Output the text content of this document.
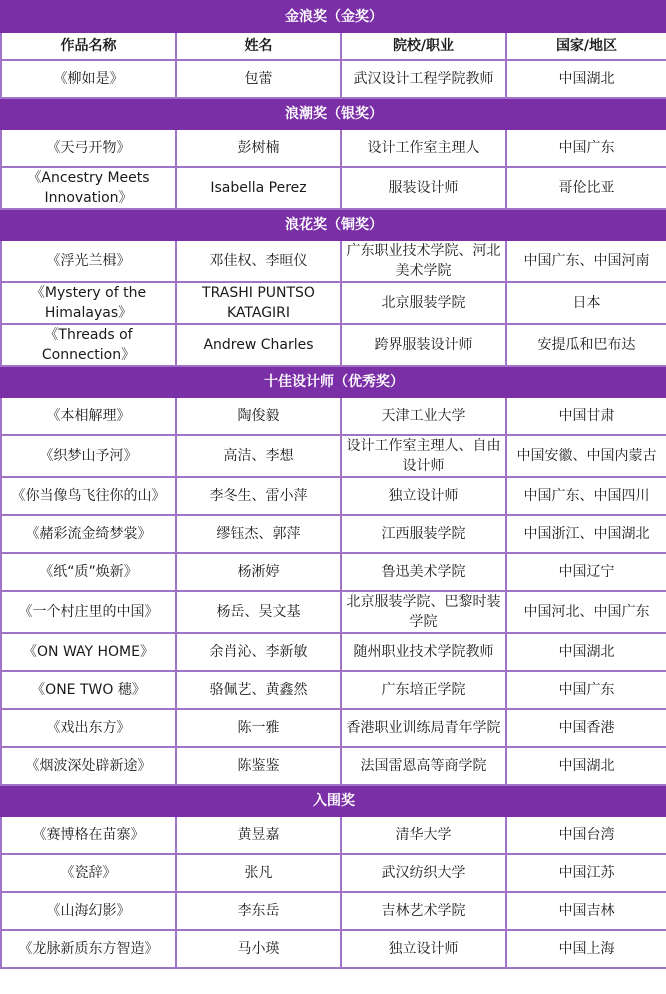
金浪奖（金奖）			
作品名称	姓名	院校/职业	国家/地区
《柳如是》	包蕾	武汉设计工程学院教师	中国湖北
浪潮奖（银奖）			
《天弓开物》	彭树楠	设计工作室主理人	中国广东
《Ancestry Meets Innovation》	Isabella Perez	服装设计师	哥伦比亚
浪花奖（铜奖）			
《浮光兰楫》	邓佳权、李晅仪	广东职业技术学院、河北美术学院	中国广东、中国河南
《Mystery of the Himalayas》	TRASHI PUNTSO KATAGIRI	北京服装学院	日本
《Threads of Connection》	Andrew Charles	跨界服装设计师	安提瓜和巴布达
十佳设计师（优秀奖）			
《本相解理》	陶俊毅	天津工业大学	中国甘肃
《织梦山予河》	高洁、李想	设计工作室主理人、自由设计师	中国安徽、中国内蒙古
《你当像鸟飞往你的山》	李冬生、雷小萍	独立设计师	中国广东、中国四川
《赭彩流金绮梦裳》	缪钰杰、郭萍	江西服装学院	中国浙江、中国湖北
《纸“质”焕新》	杨淅婷	鲁迅美术学院	中国辽宁
《一个村庄里的中国》	杨岳、吴文基	北京服装学院、巴黎时装学院	中国河北、中国广东
《ON WAY HOME》	余肖沁、李新敏	随州职业技术学院教师	中国湖北
《ONE TWO 穗》	骆佩艺、黄鑫然	广东培正学院	中国广东
《戏出东方》	陈一雅	香港职业训练局青年学院	中国香港
《烟波深处辟新途》	陈鉴鉴	法国雷恩高等商学院	中国湖北
入围奖			
《赛博格在苗寨》	黄昱嘉	清华大学	中国台湾
《瓷辞》	张凡	武汉纺织大学	中国江苏
《山海幻影》	李东岳	吉林艺术学院	中国吉林
《龙脉新质东方智造》	马小瑛	独立设计师	中国上海
